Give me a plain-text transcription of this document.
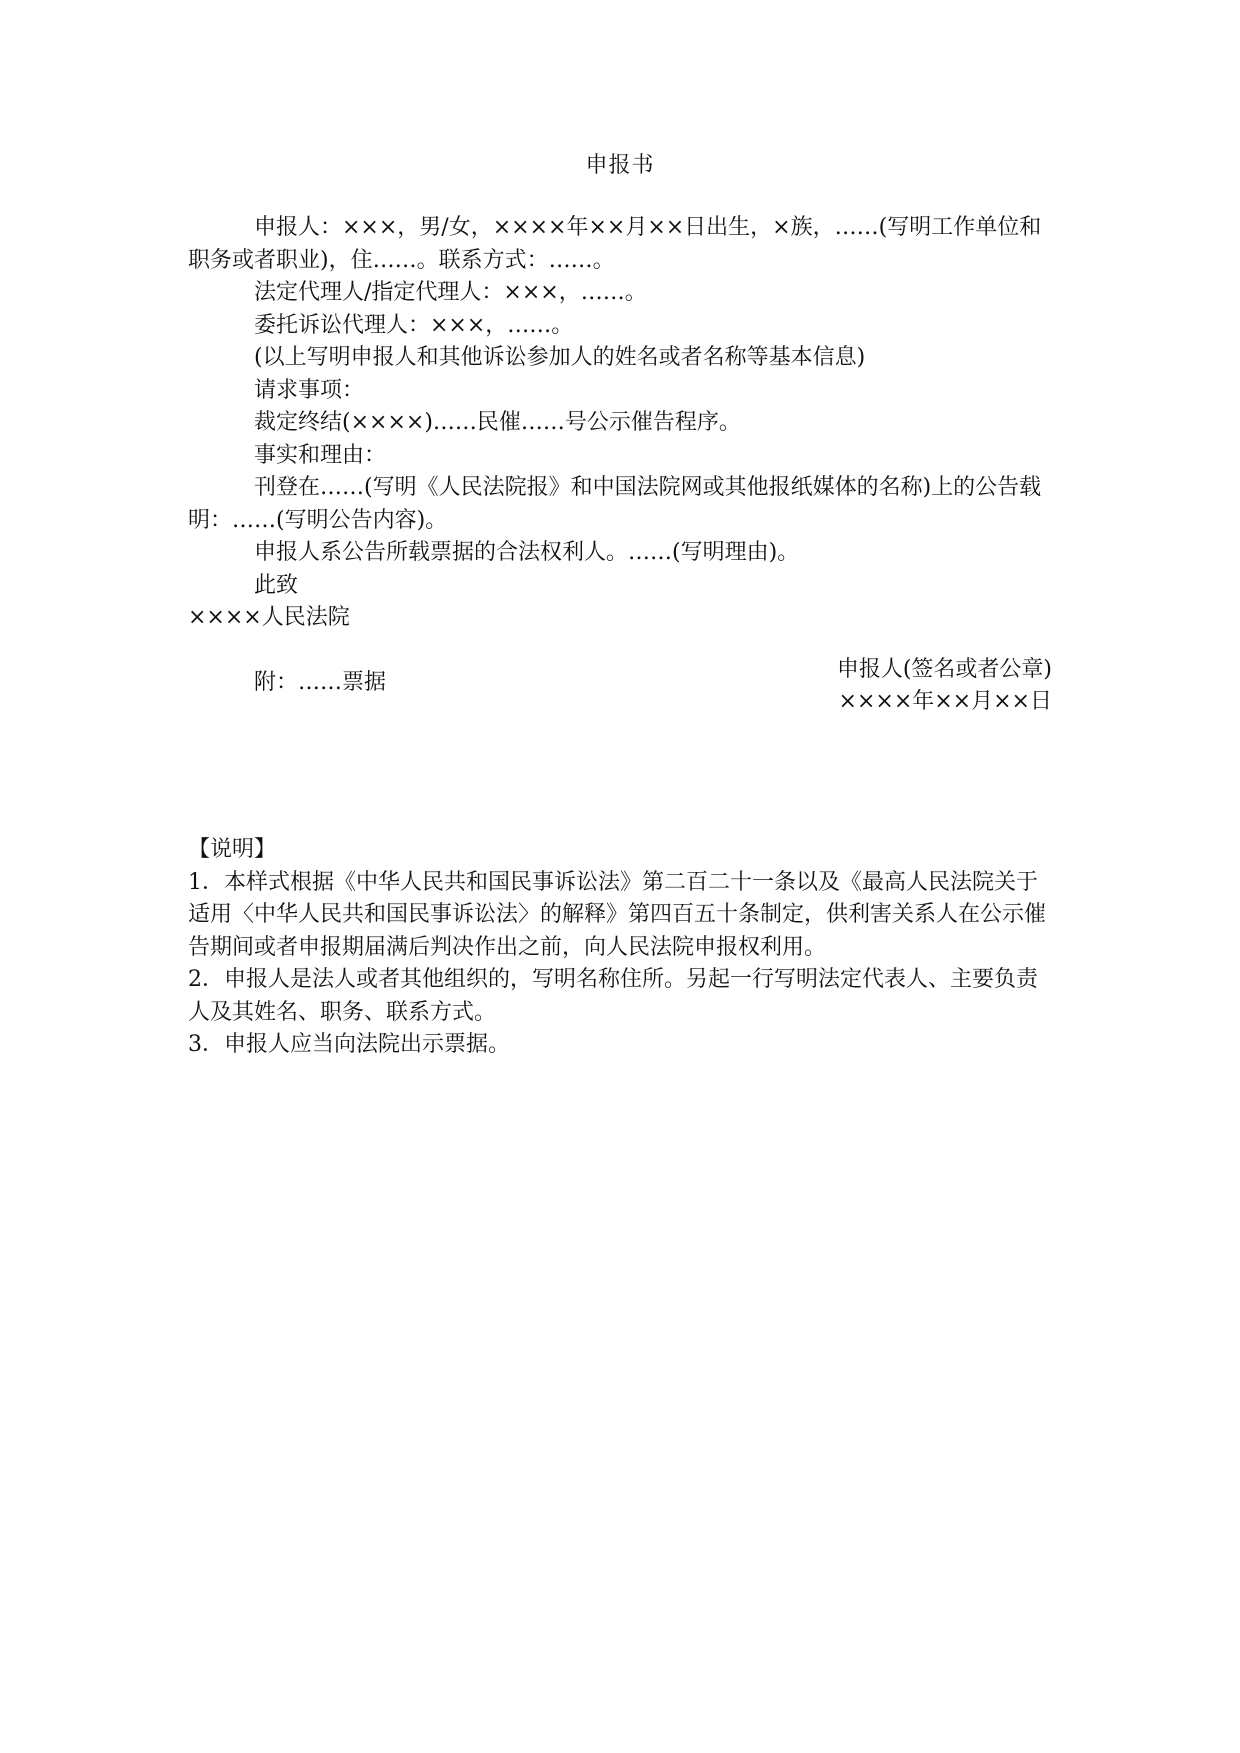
申报书

申报人：×××，男/女，××××年××月××日出生，×族，……(写明工作单位和职务或者职业)，住……。联系方式：……。

法定代理人/指定代理人：×××，……。

委托诉讼代理人：×××，……。

(以上写明申报人和其他诉讼参加人的姓名或者名称等基本信息)

请求事项：

裁定终结(××××)……民催……号公示催告程序。

事实和理由：

刊登在……(写明《人民法院报》和中国法院网或其他报纸媒体的名称)上的公告载明：……(写明公告内容)。

申报人系公告所载票据的合法权利人。……(写明理由)。

此致

××××人民法院

附：……票据

申报人(签名或者公章)
××××年××月××日

【说明】

1．本样式根据《中华人民共和国民事诉讼法》第二百二十一条以及《最高人民法院关于适用〈中华人民共和国民事诉讼法〉的解释》第四百五十条制定，供利害关系人在公示催告期间或者申报期届满后判决作出之前，向人民法院申报权利用。

2．申报人是法人或者其他组织的，写明名称住所。另起一行写明法定代表人、主要负责人及其姓名、职务、联系方式。

3．申报人应当向法院出示票据。
